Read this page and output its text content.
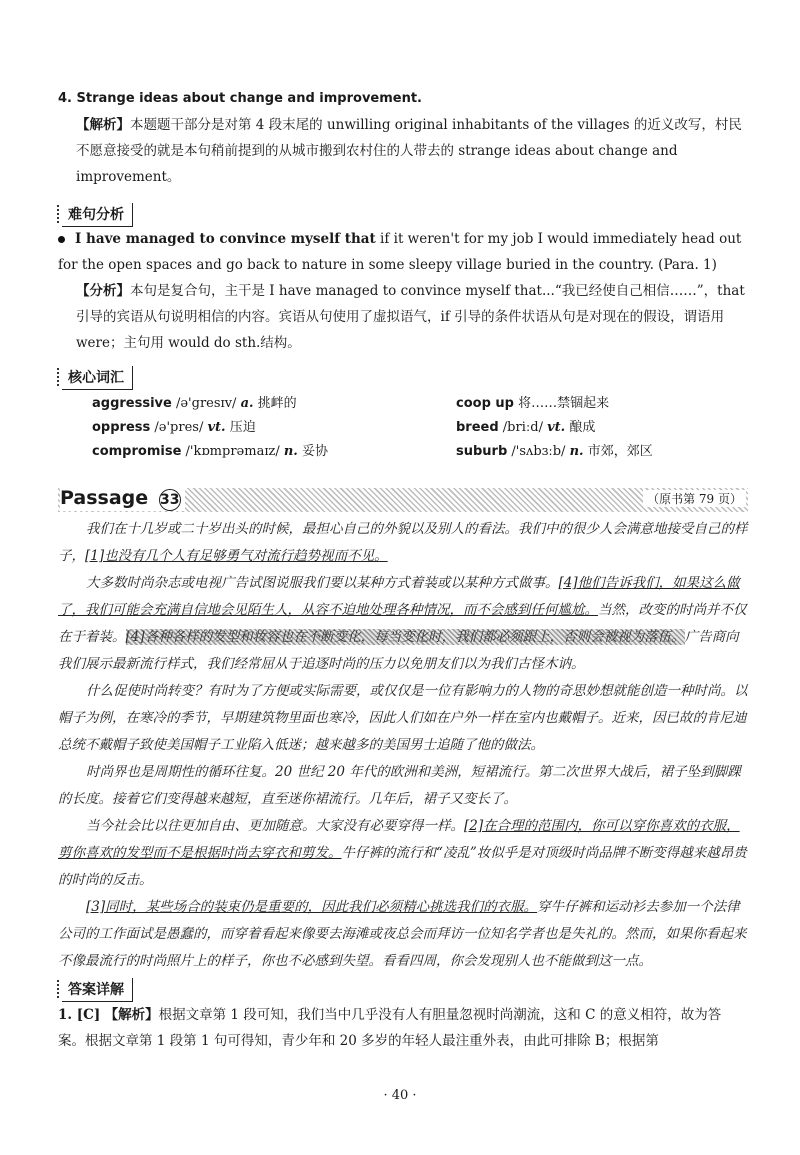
4. Strange ideas about change and improvement.
【解析】本题题干部分是对第 4 段末尾的 unwilling original inhabitants of the villages 的近义改写，村民不愿意接受的就是本句稍前提到的从城市搬到农村住的人带去的 strange ideas about change and improvement。
难句分析
I have managed to convince myself that if it weren't for my job I would immediately head out for the open spaces and go back to nature in some sleepy village buried in the country. (Para. 1)
【分析】本句是复合句，主干是 I have managed to convince myself that...“我已经使自己相信……”，that 引导的宾语从句说明相信的内容。宾语从句使用了虚拟语气，if 引导的条件状语从句是对现在的假设，谓语用were；主句用 would do sth.结构。
核心词汇
aggressive /ə'gresɪv/ a. 挑衅的
oppress /ə'pres/ vt. 压迫
compromise /'kɒmprəmaɪz/ n. 妥协
coop up 将……禁锢起来
breed /briːd/ vt. 酿成
suburb /'sʌbɜːb/ n. 市郊，郊区
Passage 33	（原书第 79 页）
我们在十几岁或二十岁出头的时候，最担心自己的外貌以及别人的看法。我们中的很少人会满意地接受自己的样子，[1]也没有几个人有足够勇气对流行趋势视而不见。
大多数时尚杂志或电视广告试图说服我们要以某种方式着装或以某种方式做事。[4]他们告诉我们，如果这么做了，我们可能会充满自信地会见陌生人，从容不迫地处理各种情况，而不会感到任何尴尬。当然，改变的时尚并不仅在于着装。[4]各种各样的发型和妆容也在不断变化，每当变化时，我们都必须跟上，否则会被视为落伍。广告商向我们展示最新流行样式，我们经常屈从于追逐时尚的压力以免朋友们以为我们古怪木讷。
什么促使时尚转变？有时为了方便或实际需要，或仅仅是一位有影响力的人物的奇思妙想就能创造一种时尚。以帽子为例，在寒冷的季节，早期建筑物里面也寒冷，因此人们如在户外一样在室内也戴帽子。近来，因已故的肯尼迪总统不戴帽子致使美国帽子工业陷入低迷；越来越多的美国男士追随了他的做法。
时尚界也是周期性的循环往复。20 世纪 20 年代的欧洲和美洲，短裙流行。第二次世界大战后，裙子坠到脚踝的长度。接着它们变得越来越短，直至迷你裙流行。几年后，裙子又变长了。
当今社会比以往更加自由、更加随意。大家没有必要穿得一样。[2]在合理的范围内，你可以穿你喜欢的衣服，剪你喜欢的发型而不是根据时尚去穿衣和剪发。牛仔裤的流行和“凌乱”妆似乎是对顶级时尚品牌不断变得越来越昂贵的时尚的反击。
[3]同时，某些场合的装束仍是重要的，因此我们必须精心挑选我们的衣服。穿牛仔裤和运动衫去参加一个法律公司的工作面试是愚蠢的，而穿着看起来像要去海滩或夜总会而拜访一位知名学者也是失礼的。然而，如果你看起来不像最流行的时尚照片上的样子，你也不必感到失望。看看四周，你会发现别人也不能做到这一点。
答案详解
1. [C] 【解析】根据文章第 1 段可知，我们当中几乎没有人有胆量忽视时尚潮流，这和 C 的意义相符，故为答案。根据文章第 1 段第 1 句可得知，青少年和 20 多岁的年轻人最注重外表，由此可排除 B；根据第
· 40 ·
